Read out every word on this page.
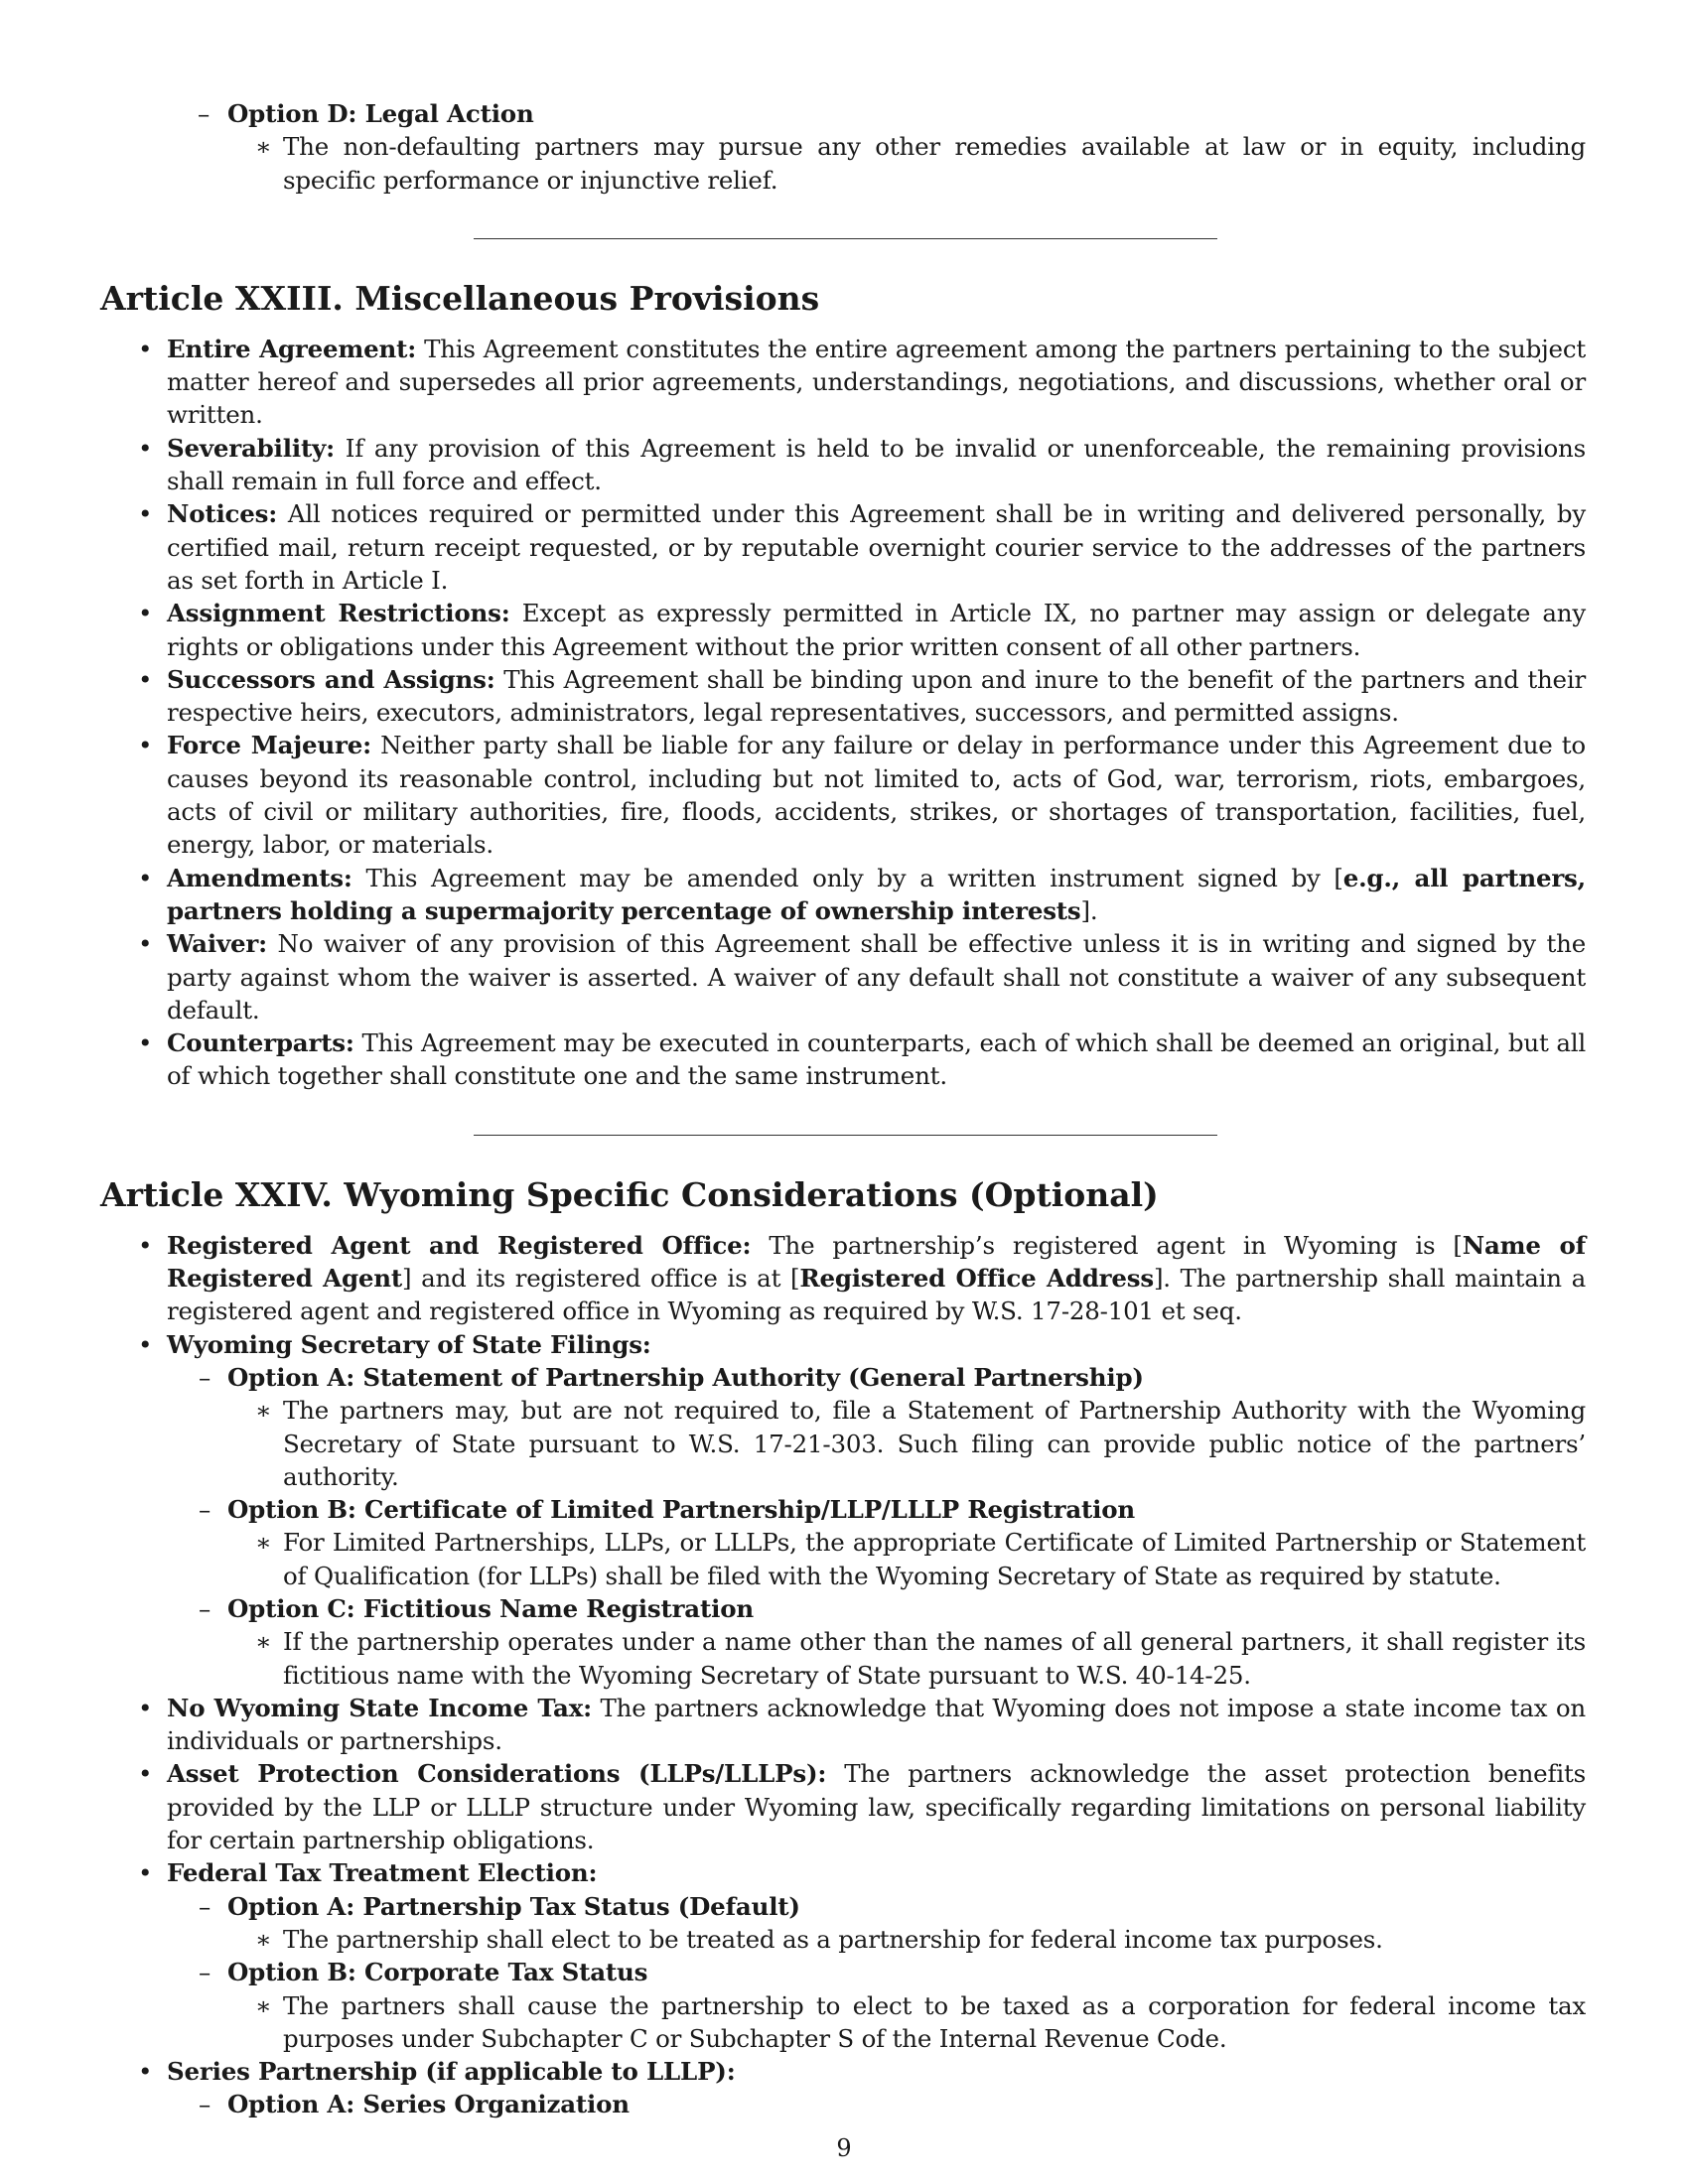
– Option D: Legal Action
∗ The non-defaulting partners may pursue any other remedies available at law or in equity, including specific performance or injunctive relief.
Article XXIII. Miscellaneous Provisions
• Entire Agreement: This Agreement constitutes the entire agreement among the partners pertaining to the subject matter hereof and supersedes all prior agreements, understandings, negotiations, and discussions, whether oral or written.
• Severability: If any provision of this Agreement is held to be invalid or unenforceable, the remaining provisions shall remain in full force and effect.
• Notices: All notices required or permitted under this Agreement shall be in writing and delivered personally, by certified mail, return receipt requested, or by reputable overnight courier service to the addresses of the partners as set forth in Article I.
• Assignment Restrictions: Except as expressly permitted in Article IX, no partner may assign or delegate any rights or obligations under this Agreement without the prior written consent of all other partners.
• Successors and Assigns: This Agreement shall be binding upon and inure to the benefit of the partners and their respective heirs, executors, administrators, legal representatives, successors, and permitted assigns.
• Force Majeure: Neither party shall be liable for any failure or delay in performance under this Agreement due to causes beyond its reasonable control, including but not limited to, acts of God, war, terrorism, riots, embargoes, acts of civil or military authorities, fire, floods, accidents, strikes, or shortages of transportation, facilities, fuel, energy, labor, or materials.
• Amendments: This Agreement may be amended only by a written instrument signed by [e.g., all partners, partners holding a supermajority percentage of ownership interests].
• Waiver: No waiver of any provision of this Agreement shall be effective unless it is in writing and signed by the party against whom the waiver is asserted. A waiver of any default shall not constitute a waiver of any subsequent default.
• Counterparts: This Agreement may be executed in counterparts, each of which shall be deemed an original, but all of which together shall constitute one and the same instrument.
Article XXIV. Wyoming Specific Considerations (Optional)
• Registered Agent and Registered Office: The partnership’s registered agent in Wyoming is [Name of Registered Agent] and its registered office is at [Registered Office Address]. The partnership shall maintain a registered agent and registered office in Wyoming as required by W.S. 17-28-101 et seq.
• Wyoming Secretary of State Filings:
– Option A: Statement of Partnership Authority (General Partnership)
∗ The partners may, but are not required to, file a Statement of Partnership Authority with the Wyoming Secretary of State pursuant to W.S. 17-21-303. Such filing can provide public notice of the partners’ authority.
– Option B: Certificate of Limited Partnership/LLP/LLLP Registration
∗ For Limited Partnerships, LLPs, or LLLPs, the appropriate Certificate of Limited Partnership or Statement of Qualification (for LLPs) shall be filed with the Wyoming Secretary of State as required by statute.
– Option C: Fictitious Name Registration
∗ If the partnership operates under a name other than the names of all general partners, it shall register its fictitious name with the Wyoming Secretary of State pursuant to W.S. 40-14-25.
• No Wyoming State Income Tax: The partners acknowledge that Wyoming does not impose a state income tax on individuals or partnerships.
• Asset Protection Considerations (LLPs/LLLPs): The partners acknowledge the asset protection benefits provided by the LLP or LLLP structure under Wyoming law, specifically regarding limitations on personal liability for certain partnership obligations.
• Federal Tax Treatment Election:
– Option A: Partnership Tax Status (Default)
∗ The partnership shall elect to be treated as a partnership for federal income tax purposes.
– Option B: Corporate Tax Status
∗ The partners shall cause the partnership to elect to be taxed as a corporation for federal income tax purposes under Subchapter C or Subchapter S of the Internal Revenue Code.
• Series Partnership (if applicable to LLLP):
– Option A: Series Organization
9
